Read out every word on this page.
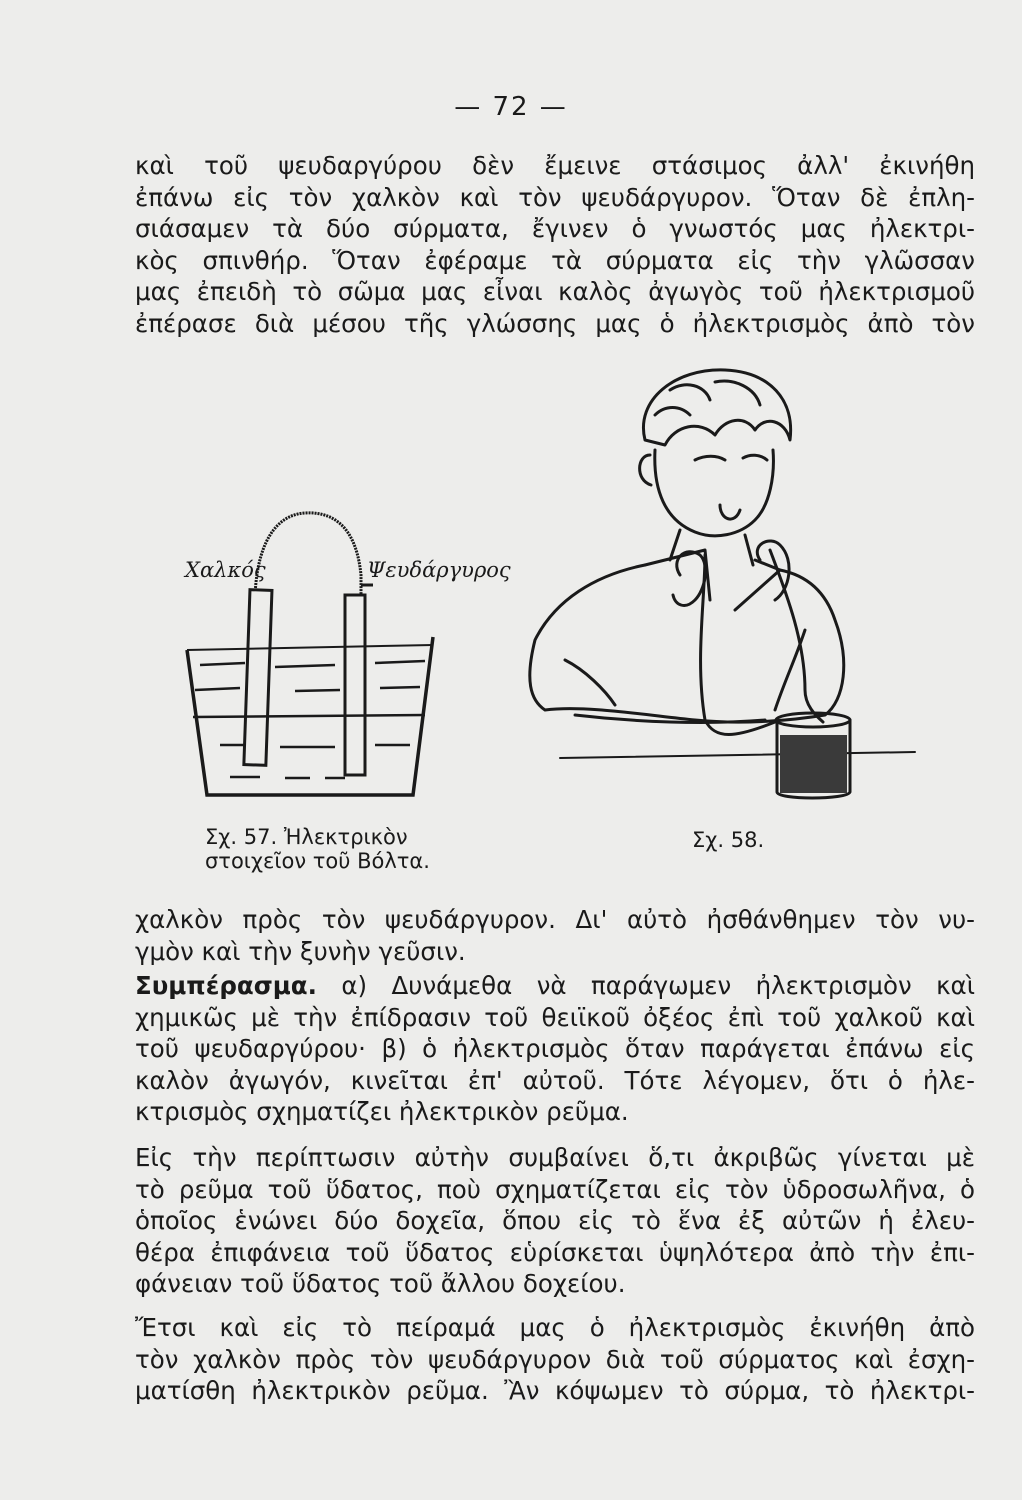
— 72 —
καὶ τοῦ ψευδαργύρου δὲν ἔμεινε στάσιμος ἀλλ' ἐκινήθη
ἐπάνω εἰς τὸν χαλκὸν καὶ τὸν ψευδάργυρον. Ὅταν δὲ ἐπλη-
σιάσαμεν τὰ δύο σύρματα, ἔγινεν ὁ γνωστός μας ἠλεκτρι-
κὸς σπινθήρ. Ὅταν ἐφέραμε τὰ σύρματα εἰς τὴν γλῶσσαν
μας ἐπειδὴ τὸ σῶμα μας εἶναι καλὸς ἀγωγὸς τοῦ ἠλεκτρισμοῦ
ἐπέρασε διὰ μέσου τῆς γλώσσης μας ὁ ἠλεκτρισμὸς ἀπὸ τὸν
Χαλκός	Ψευδάργυρος
Σχ. 57. Ἠλεκτρικὸν
στοιχεῖον τοῦ Βόλτα.
Σχ. 58.
χαλκὸν πρὸς τὸν ψευδάργυρον. Δι' αὐτὸ ἠσθάνθημεν τὸν νυ-
γμὸν καὶ τὴν ξυνὴν γεῦσιν.
Συμπέρασμα. α) Δυνάμεθα νὰ παράγωμεν ἠλεκτρισμὸν καὶ
χημικῶς μὲ τὴν ἐπίδρασιν τοῦ θειϊκοῦ ὀξέος ἐπὶ τοῦ χαλκοῦ καὶ
τοῦ ψευδαργύρου· β) ὁ ἠλεκτρισμὸς ὅταν παράγεται ἐπάνω εἰς
καλὸν ἀγωγόν, κινεῖται ἐπ' αὐτοῦ. Τότε λέγομεν, ὅτι ὁ ἠλε-
κτρισμὸς σχηματίζει ἠλεκτρικὸν ρεῦμα.
Εἰς τὴν περίπτωσιν αὐτὴν συμβαίνει ὅ,τι ἀκριβῶς γίνεται μὲ
τὸ ρεῦμα τοῦ ὕδατος, ποὺ σχηματίζεται εἰς τὸν ὑδροσωλῆνα, ὁ
ὁποῖος ἑνώνει δύο δοχεῖα, ὅπου εἰς τὸ ἕνα ἐξ αὐτῶν ἡ ἐλευ-
θέρα ἐπιφάνεια τοῦ ὕδατος εὑρίσκεται ὑψηλότερα ἀπὸ τὴν ἐπι-
φάνειαν τοῦ ὕδατος τοῦ ἄλλου δοχείου.
Ἔτσι καὶ εἰς τὸ πείραμά μας ὁ ἠλεκτρισμὸς ἐκινήθη ἀπὸ
τὸν χαλκὸν πρὸς τὸν ψευδάργυρον διὰ τοῦ σύρματος καὶ ἐσχη-
ματίσθη ἠλεκτρικὸν ρεῦμα. Ἂν κόψωμεν τὸ σύρμα, τὸ ἠλεκτρι-
